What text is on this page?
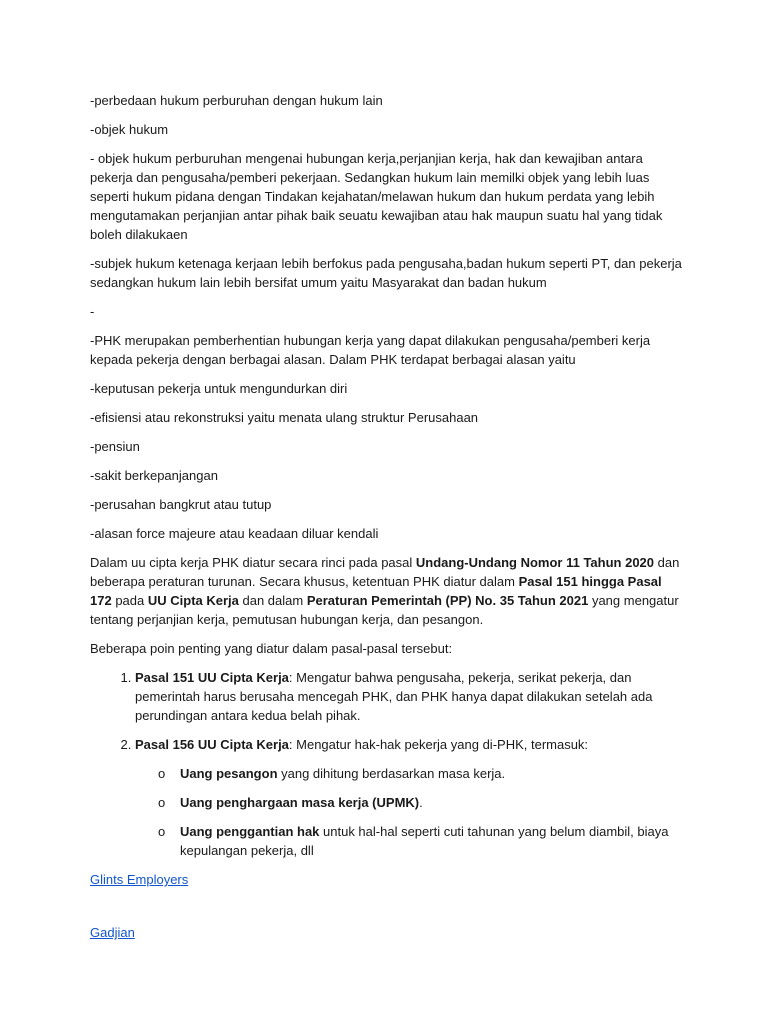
-perbedaan hukum perburuhan dengan hukum lain

-objek hukum

- objek hukum perburuhan mengenai hubungan kerja,perjanjian kerja, hak dan kewajiban antara pekerja dan pengusaha/pemberi pekerjaan. Sedangkan hukum lain memilki objek yang lebih luas seperti hukum pidana dengan Tindakan kejahatan/melawan hukum dan hukum perdata yang lebih mengutamakan perjanjian antar pihak baik seuatu kewajiban atau hak maupun suatu hal yang tidak boleh dilakukaen

-subjek hukum ketenaga kerjaan lebih berfokus pada pengusaha,badan hukum seperti PT, dan pekerja sedangkan hukum lain lebih bersifat umum yaitu Masyarakat dan badan hukum

-

-PHK merupakan pemberhentian hubungan kerja yang dapat dilakukan pengusaha/pemberi kerja kepada pekerja dengan berbagai alasan. Dalam PHK terdapat berbagai alasan yaitu

-keputusan pekerja untuk mengundurkan diri

-efisiensi atau rekonstruksi yaitu menata ulang struktur Perusahaan

-pensiun

-sakit berkepanjangan

-perusahan bangkrut atau tutup

-alasan force majeure atau keadaan diluar kendali

Dalam uu cipta kerja PHK diatur secara rinci pada pasal Undang-Undang Nomor 11 Tahun 2020 dan beberapa peraturan turunan. Secara khusus, ketentuan PHK diatur dalam Pasal 151 hingga Pasal 172 pada UU Cipta Kerja dan dalam Peraturan Pemerintah (PP) No. 35 Tahun 2021 yang mengatur tentang perjanjian kerja, pemutusan hubungan kerja, dan pesangon.

Beberapa poin penting yang diatur dalam pasal-pasal tersebut:

1. Pasal 151 UU Cipta Kerja: Mengatur bahwa pengusaha, pekerja, serikat pekerja, dan pemerintah harus berusaha mencegah PHK, dan PHK hanya dapat dilakukan setelah ada perundingan antara kedua belah pihak.
2. Pasal 156 UU Cipta Kerja: Mengatur hak-hak pekerja yang di-PHK, termasuk:
o Uang pesangon yang dihitung berdasarkan masa kerja.
o Uang penghargaan masa kerja (UPMK).
o Uang penggantian hak untuk hal-hal seperti cuti tahunan yang belum diambil, biaya kepulangan pekerja, dll

Glints Employers

Gadjian
